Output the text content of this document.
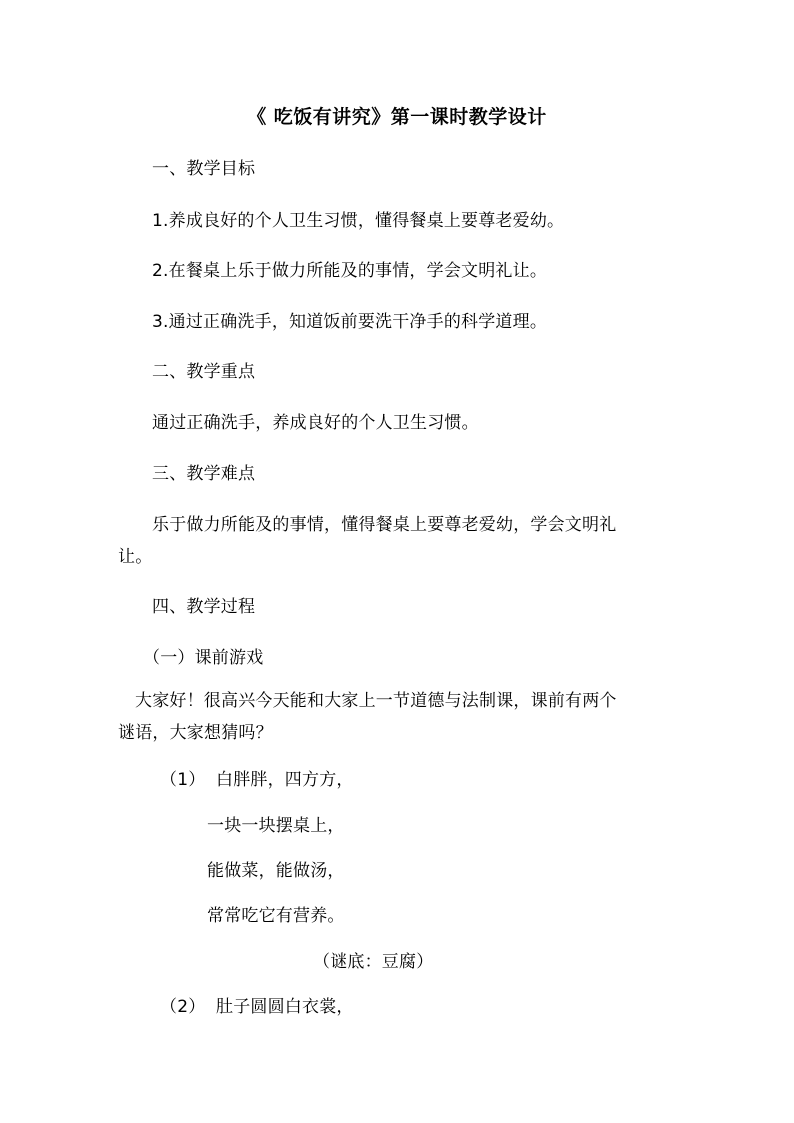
《 吃饭有讲究》第一课时教学设计
一、教学目标
1.养成良好的个人卫生习惯，懂得餐桌上要尊老爱幼。
2.在餐桌上乐于做力所能及的事情，学会文明礼让。
3.通过正确洗手，知道饭前要洗干净手的科学道理。
二、教学重点
通过正确洗手，养成良好的个人卫生习惯。
三、教学难点
乐于做力所能及的事情，懂得餐桌上要尊老爱幼，学会文明礼
让。
四、教学过程
（一）课前游戏
大家好！很高兴今天能和大家上一节道德与法制课，课前有两个
谜语，大家想猜吗？
（1） 白胖胖，四方方，
一块一块摆桌上，
能做菜，能做汤，
常常吃它有营养。
（谜底：豆腐）
（2） 肚子圆圆白衣裳，
